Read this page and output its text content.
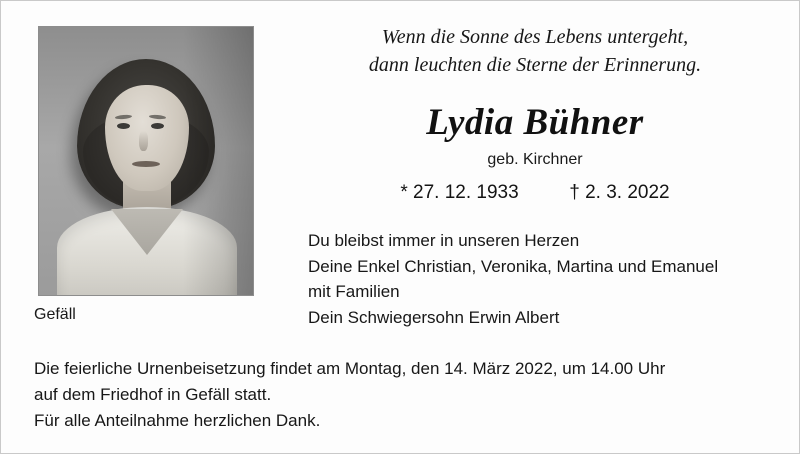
Gefäll
Wenn die Sonne des Lebens untergeht,
dann leuchten die Sterne der Erinnerung.
Lydia Bühner
geb. Kirchner
* 27. 12. 1933	† 2. 3. 2022
Du bleibst immer in unseren Herzen
Deine Enkel Christian, Veronika, Martina und Emanuel
mit Familien
Dein Schwiegersohn Erwin Albert
Die feierliche Urnenbeisetzung findet am Montag, den 14. März 2022, um 14.00 Uhr
auf dem Friedhof in Gefäll statt.
Für alle Anteilnahme herzlichen Dank.
